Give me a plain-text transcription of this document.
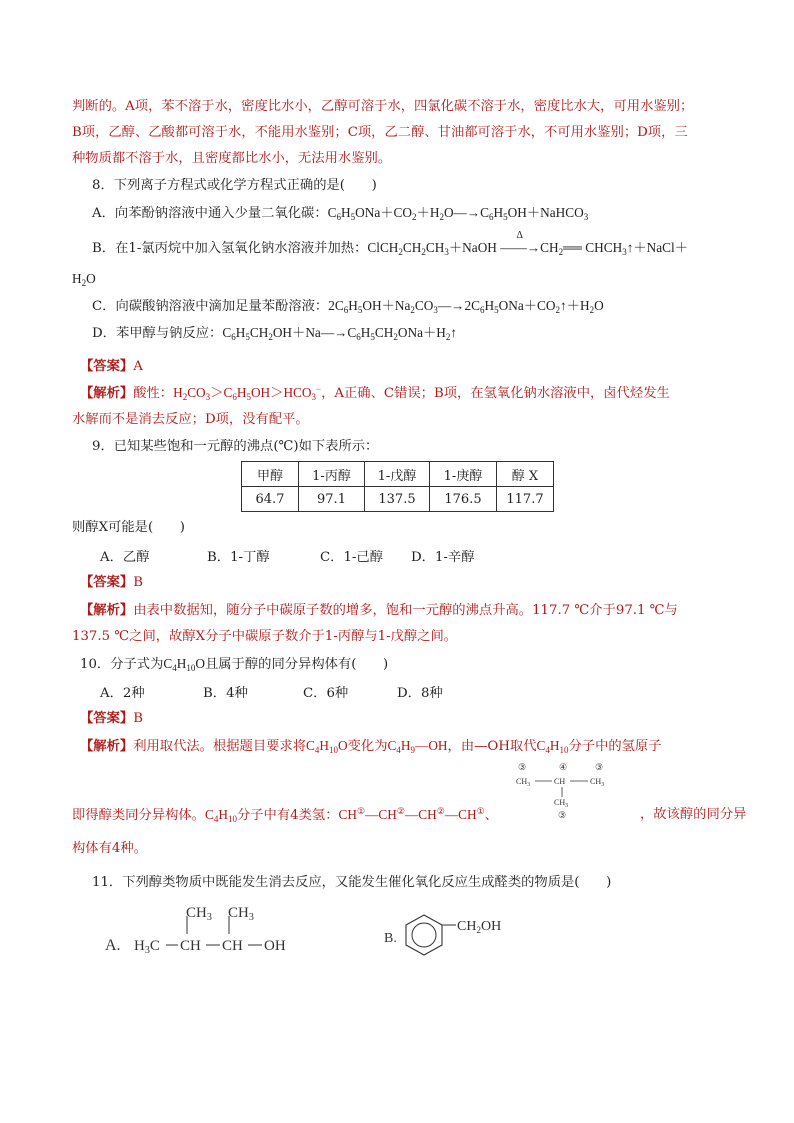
判断的。A项，苯不溶于水，密度比水小，乙醇可溶于水，四氯化碳不溶于水，密度比水大，可用水鉴别；
B项，乙醇、乙酸都可溶于水，不能用水鉴别；C项，乙二醇、甘油都可溶于水，不可用水鉴别；D项，三
种物质都不溶于水，且密度都比水小，无法用水鉴别。
8．下列离子方程式或化学方程式正确的是(　　)
A．向苯酚钠溶液中通入少量二氧化碳：$C_6H_5ONa+CO_2+H_2O—\to C_6H_5OH+NaHCO_3$
B．在1-氯丙烷中加入氢氧化钠水溶液并加热：$ClCH_2CH_2CH_3+NaOH$ —
Δ
$—\to CH_2══$ $CHCH_3↑+NaCl+$
$H_2O$
C．向碳酸钠溶液中滴加足量苯酚溶液：$2C_6H_5OH+Na_2CO_3—\to 2C_6H_5ONa+CO_2↑+H_2O$
D．苯甲醇与钠反应：$C_6H_5CH_2OH+Na—\to C_6H_5CH_2ONa+H_2↑$
【答案】A
【解析】酸性：$H_2CO_3>C_6H_5OH>HCO_3^-$，A正确、C错误；B项，在氢氧化钠水溶液中，卤代烃发生
水解而不是消去反应；D项，没有配平。
9．已知某些饱和一元醇的沸点(℃)如下表所示：
甲醇	1-丙醇	1-戊醇	1-庚醇	醇 X
64.7	97.1	137.5	176.5	117.7
则醇X可能是(　　)
A．乙醇	B．1-丁醇	C．1-己醇 D．1-辛醇
【答案】B
【解析】由表中数据知，随分子中碳原子数的增多，饱和一元醇的沸点升高。117.7 ℃介于97.1 ℃与
137.5 ℃之间，故醇X分子中碳原子数介于1-丙醇与1-戊醇之间。
10．分子式为$C_4H_{10}O$且属于醇的同分异构体有(　　)
A．2种	B．4种	C．6种	D．8种
【答案】B
【解析】利用取代法。根据题目要求将$C_4H_{10}O$变化为$C_4H_9—OH$，由—OH取代$C_4H_{10}$分子中的氢原子
③	④	③
$CH_3$	CH	$CH_3$
$CH_3$
③
即得醇类同分异构体。$C_4H_{10}$分子中有4类氢：CH①—CH②—CH②—CH①、	，故该醇的同分异
构体有4种。
11．下列醇类物质中既能发生消去反应，又能发生催化氧化反应生成醛类的物质是(　　)
A. $H_3C$ CH CH OH
$CH_3$ $CH_3$
B.
$CH_2OH$
